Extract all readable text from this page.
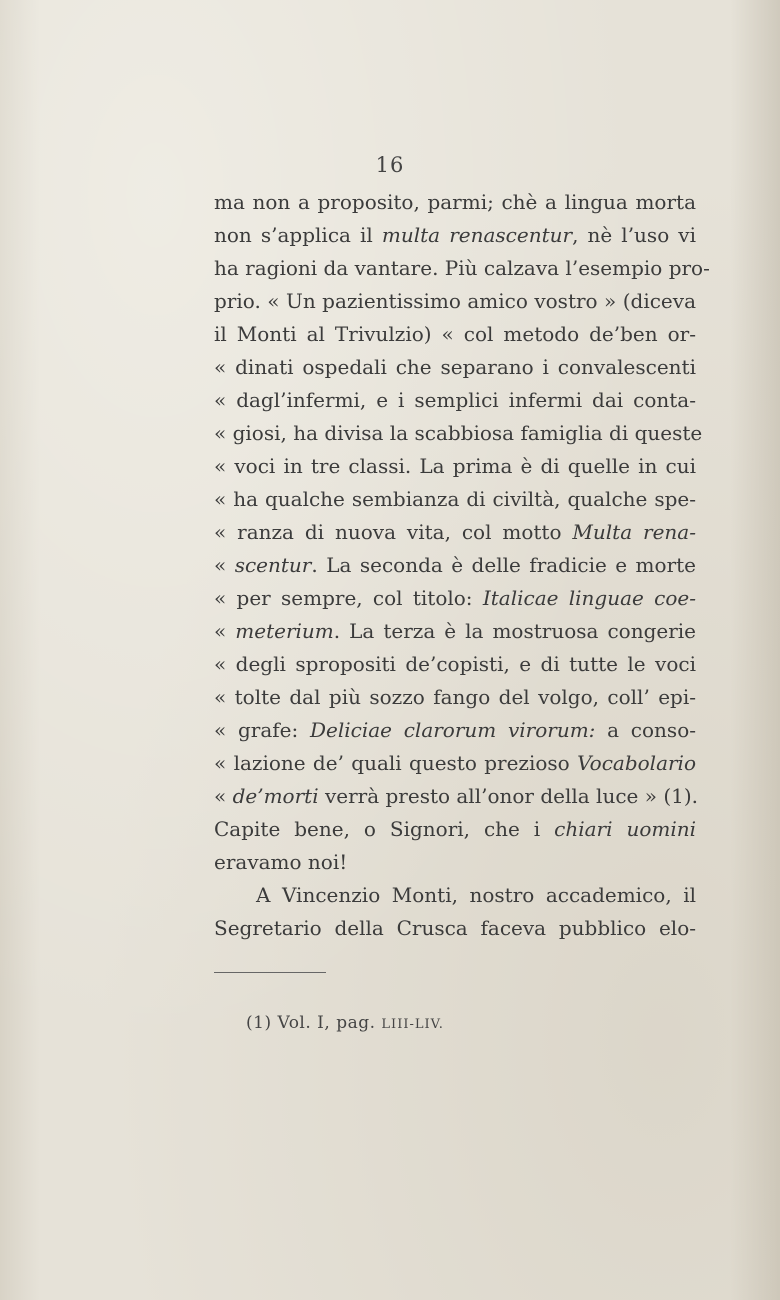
16
ma non a proposito, parmi; chè a lingua morta
non s’applica il multa renascentur, nè l’uso vi
ha ragioni da vantare. Più calzava l’esempio pro-
prio. « Un pazientissimo amico vostro » (diceva
il Monti al Trivulzio) « col metodo de’ben or-
« dinati ospedali che separano i convalescenti
« dagl’infermi, e i semplici infermi dai conta-
« giosi, ha divisa la scabbiosa famiglia di queste
« voci in tre classi. La prima è di quelle in cui
« ha qualche sembianza di civiltà, qualche spe-
« ranza di nuova vita, col motto Multa rena-
« scentur. La seconda è delle fradicie e morte
« per sempre, col titolo: Italicae linguae coe-
« meterium. La terza è la mostruosa congerie
« degli spropositi de’copisti, e di tutte le voci
« tolte dal più sozzo fango del volgo, coll’ epi-
« grafe: Deliciae clarorum virorum: a conso-
« lazione de’ quali questo prezioso Vocabolario
« de’morti verrà presto all’onor della luce » (1).
Capite bene, o Signori, che i chiari uomini
eravamo noi!
A Vincenzio Monti, nostro accademico, il
Segretario della Crusca faceva pubblico elo-
(1) Vol. I, pag. LIII-LIV.
